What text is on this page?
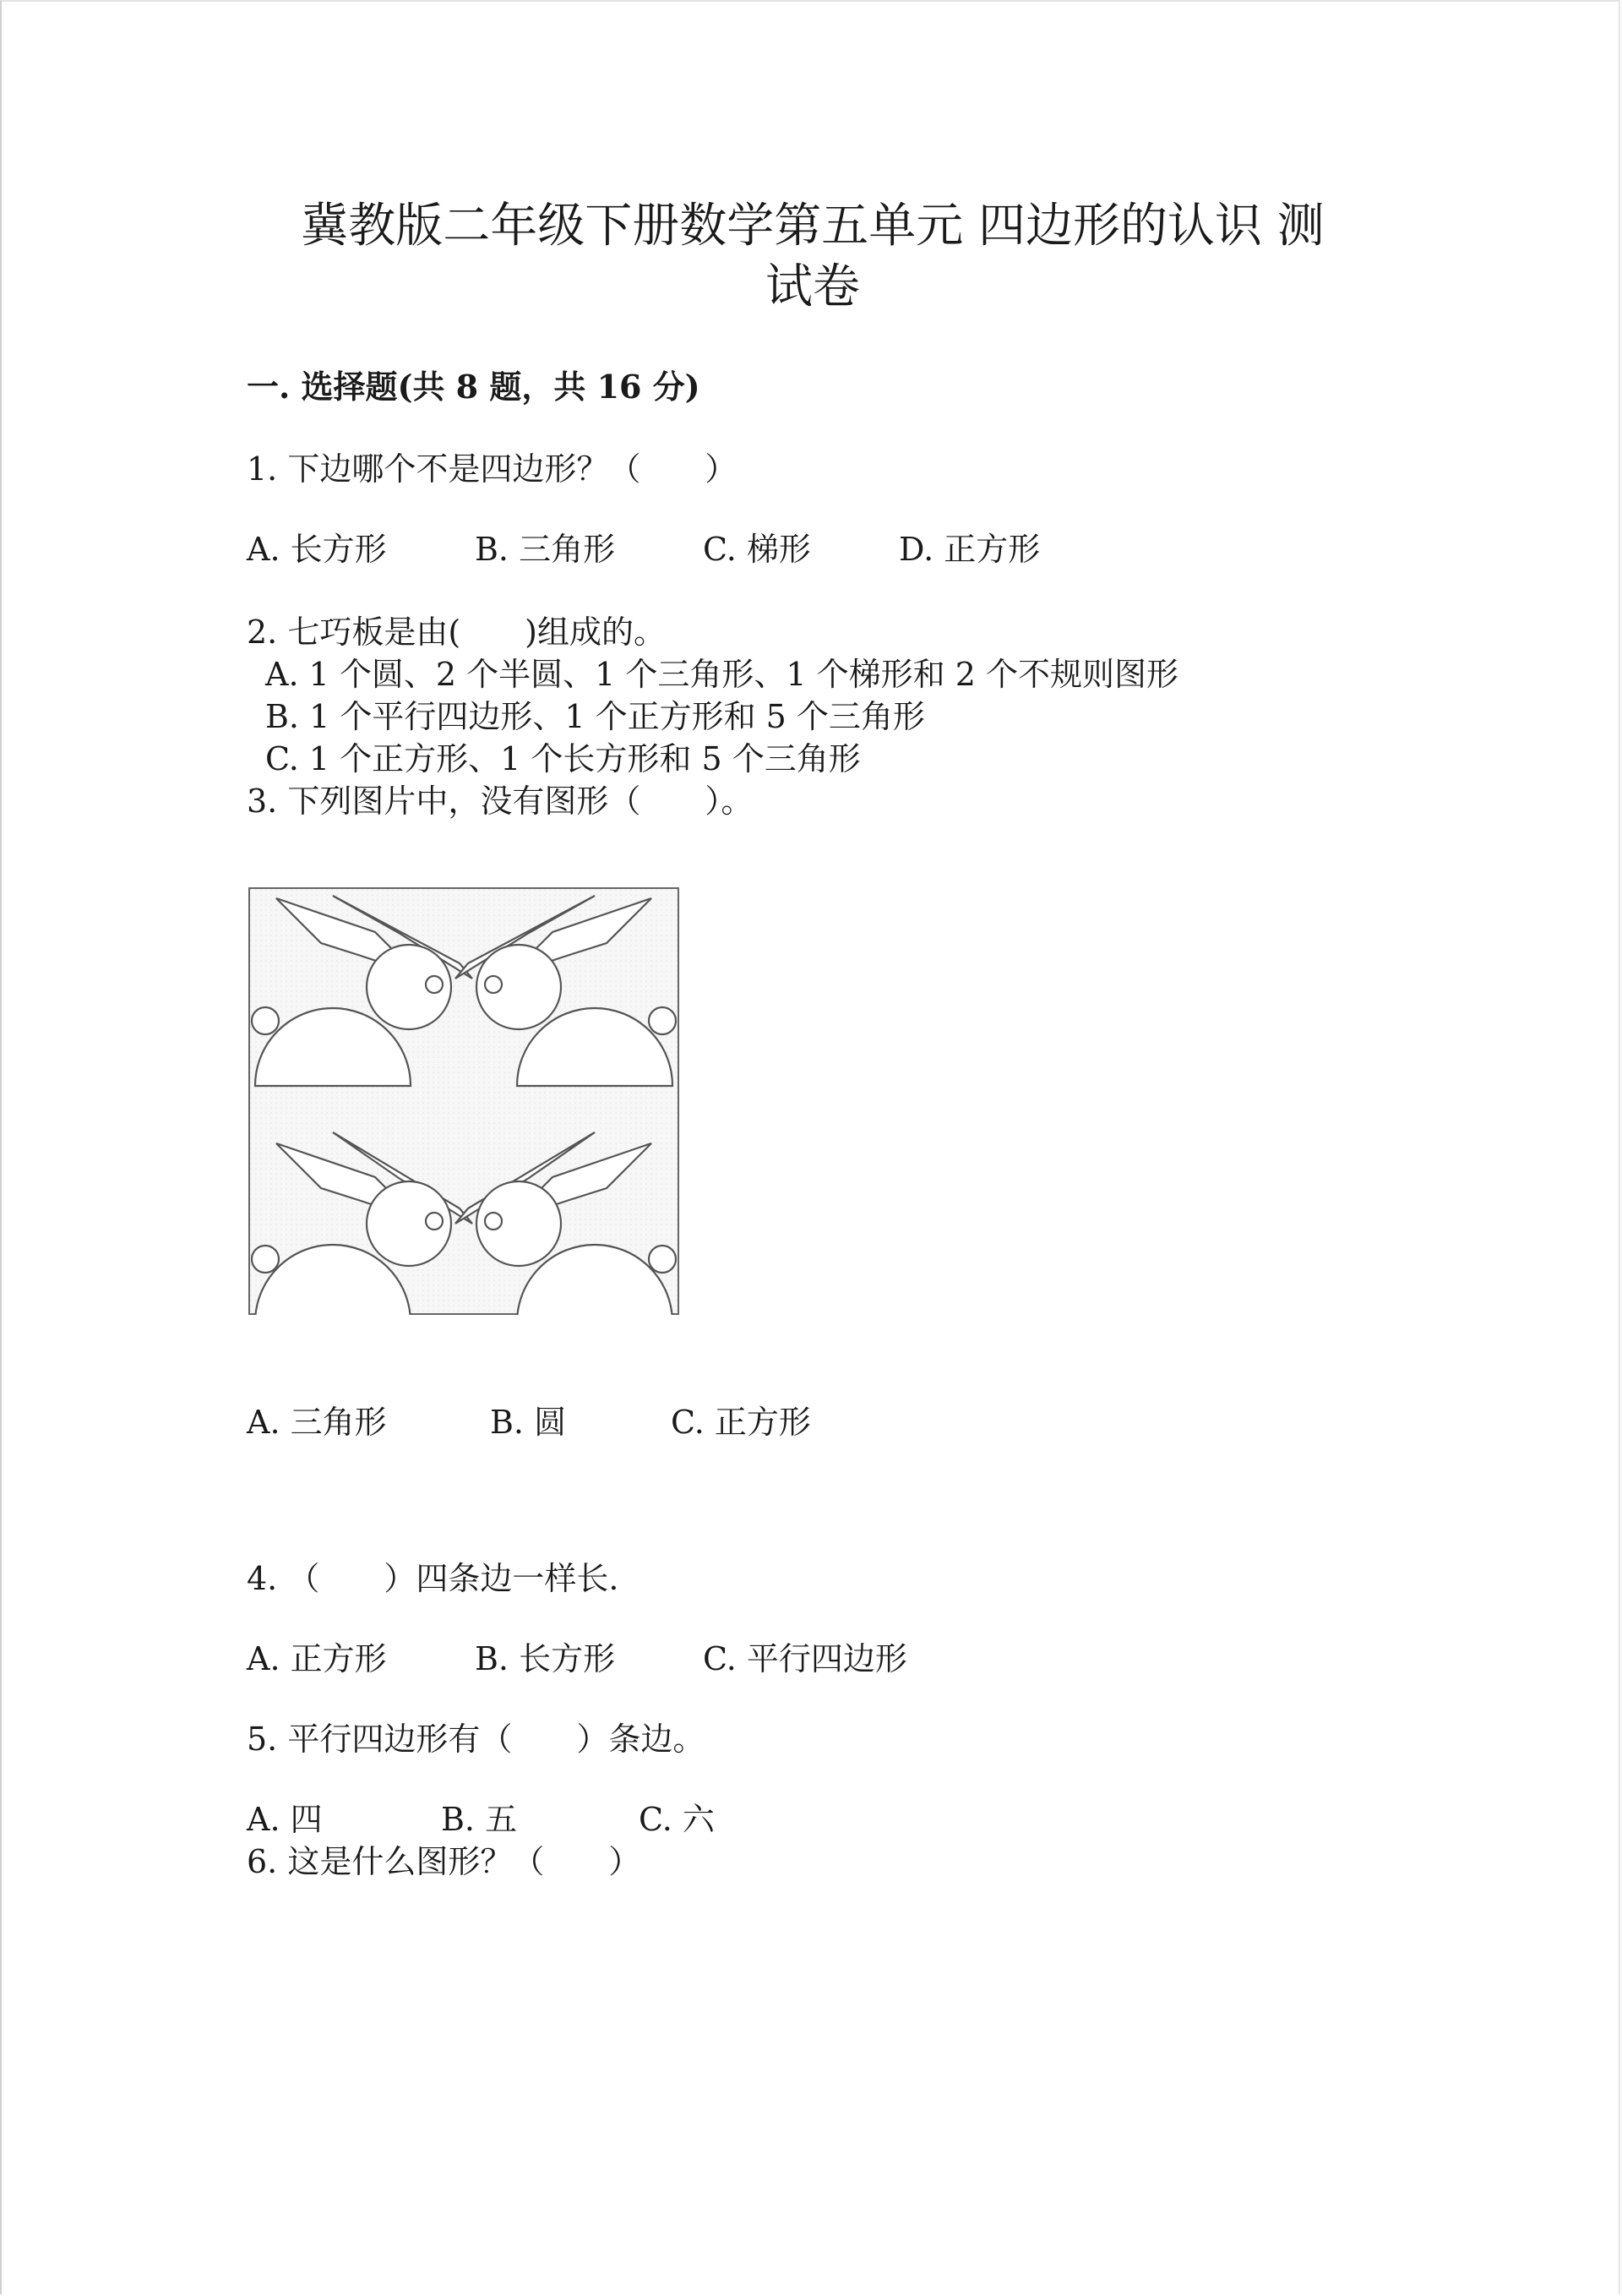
冀教版二年级下册数学第五单元 四边形的认识 测
试卷
一. 选择题(共 8 题，共 16 分)
1. 下边哪个不是四边形？（　　）
A. 长方形	B. 三角形	C. 梯形	D. 正方形
2. 七巧板是由(　　)组成的。
A. 1 个圆、2 个半圆、1 个三角形、1 个梯形和 2 个不规则图形
B. 1 个平行四边形、1 个正方形和 5 个三角形
C. 1 个正方形、1 个长方形和 5 个三角形
3. 下列图片中，没有图形（　　）。
A. 三角形	B. 圆	C. 正方形
4. （　　）四条边一样长.
A. 正方形	B. 长方形	C. 平行四边形
5. 平行四边形有（　　）条边。
A. 四	B. 五	C. 六
6. 这是什么图形？（　　）
